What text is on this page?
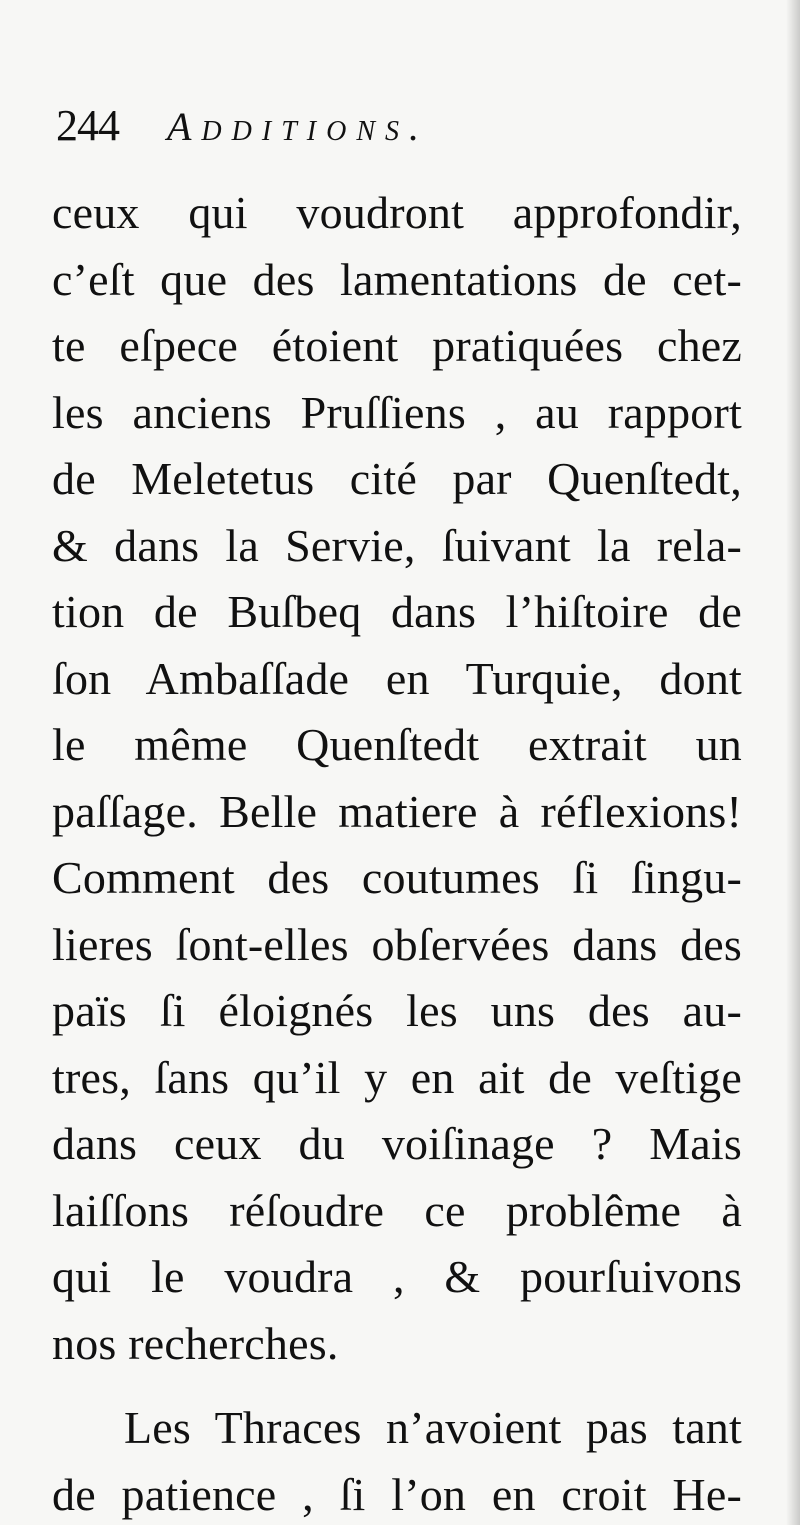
244 Additions.
ceux qui voudront approfondir,
c’eſt que des lamentations de cet-
te eſpece étoient pratiquées chez
les anciens Pruſſiens , au rapport
de Meletetus cité par Quenſtedt,
& dans la Servie, ſuivant la rela-
tion de Buſbeq dans l’hiſtoire de
ſon Ambaſſade en Turquie, dont
le même Quenſtedt extrait un
paſſage. Belle matiere à réflexions!
Comment des coutumes ſi ſingu-
lieres ſont-elles obſervées dans des
païs ſi éloignés les uns des au-
tres, ſans qu’il y en ait de veſtige
dans ceux du voiſinage ? Mais
laiſſons réſoudre ce problême à
qui le voudra , & pourſuivons
nos recherches.
Les Thraces n’avoient pas tant
de patience , ſi l’on en croit He-
